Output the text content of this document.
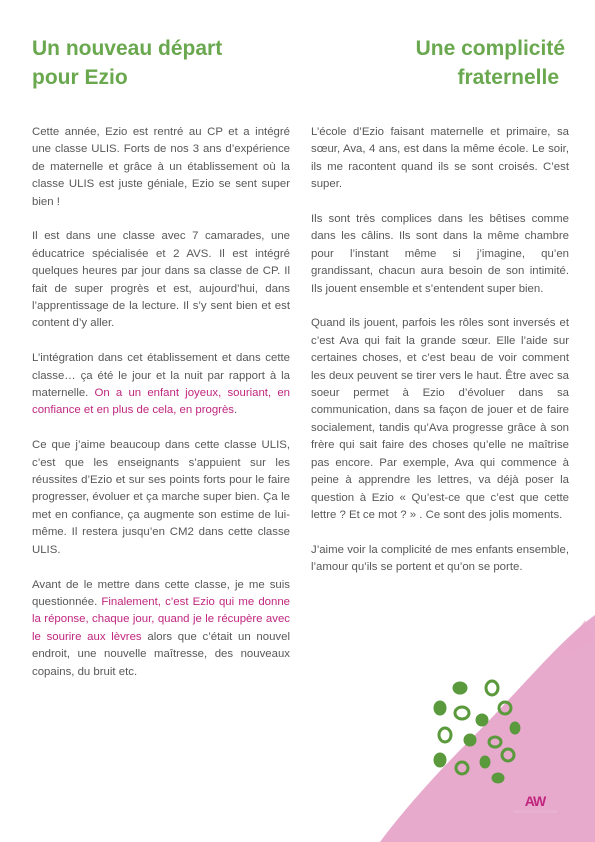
Un nouveau départ
pour Ezio
Une complicité

fraternelle

Cette année, Ezio est rentré au CP et a intégré une classe ULIS. Forts de nos 3 ans d’expérience de maternelle et grâce à un établissement où la classe ULIS est juste géniale, Ezio se sent super bien !

Il est dans une classe avec 7 camarades, une éducatrice spécialisée et 2 AVS. Il est intégré quelques heures par jour dans sa classe de CP. Il fait de super progrès et est, aujourd’hui, dans l’apprentissage de la lecture. Il s’y sent bien et est content d’y aller.

L’intégration dans cet établissement et dans cette classe… ça été le jour et la nuit par rapport à la maternelle. On a un enfant joyeux, souriant, en confiance et en plus de cela, en progrès.

Ce que j’aime beaucoup dans cette classe ULIS, c’est que les enseignants s’appuient sur les réussites d’Ezio et sur ses points forts pour le faire progresser, évoluer et ça marche super bien. Ça le met en confiance, ça augmente son estime de lui-même. Il restera jusqu’en CM2 dans cette classe ULIS.

Avant de le mettre dans cette classe, je me suis questionnée. Finalement, c’est Ezio qui me donne la réponse, chaque jour, quand je le récupère avec le sourire aux lèvres alors que c’était un nouvel endroit, une nouvelle maîtresse, des nouveaux copains, du bruit etc.

L’école d’Ezio faisant maternelle et primaire, sa sœur, Ava, 4 ans, est dans la même école. Le soir, ils me racontent quand ils se sont croisés. C’est super.

Ils sont très complices dans les bêtises comme dans les câlins. Ils sont dans la même chambre pour l’instant même si j’imagine, qu’en grandissant, chacun aura besoin de son intimité. Ils jouent ensemble et s’entendent super bien.

Quand ils jouent, parfois les rôles sont inversés et c’est Ava qui fait la grande sœur. Elle l’aide sur certaines choses, et c’est beau de voir comment les deux peuvent se tirer vers le haut. Être avec sa soeur permet à Ezio d’évoluer dans sa communication, dans sa façon de jouer et de faire socialement, tandis qu’Ava progresse grâce à son frère qui sait faire des choses qu’elle ne maîtrise pas encore. Par exemple, Ava qui commence à peine à apprendre les lettres, va déjà poser la question à Ezio « Qu’est-ce que c’est que cette lettre ? Et ce mot ? » . Ce sont des jolis moments.

J’aime voir la complicité de mes enfants ensemble, l’amour qu’ils se portent et qu’on se porte.

AW
